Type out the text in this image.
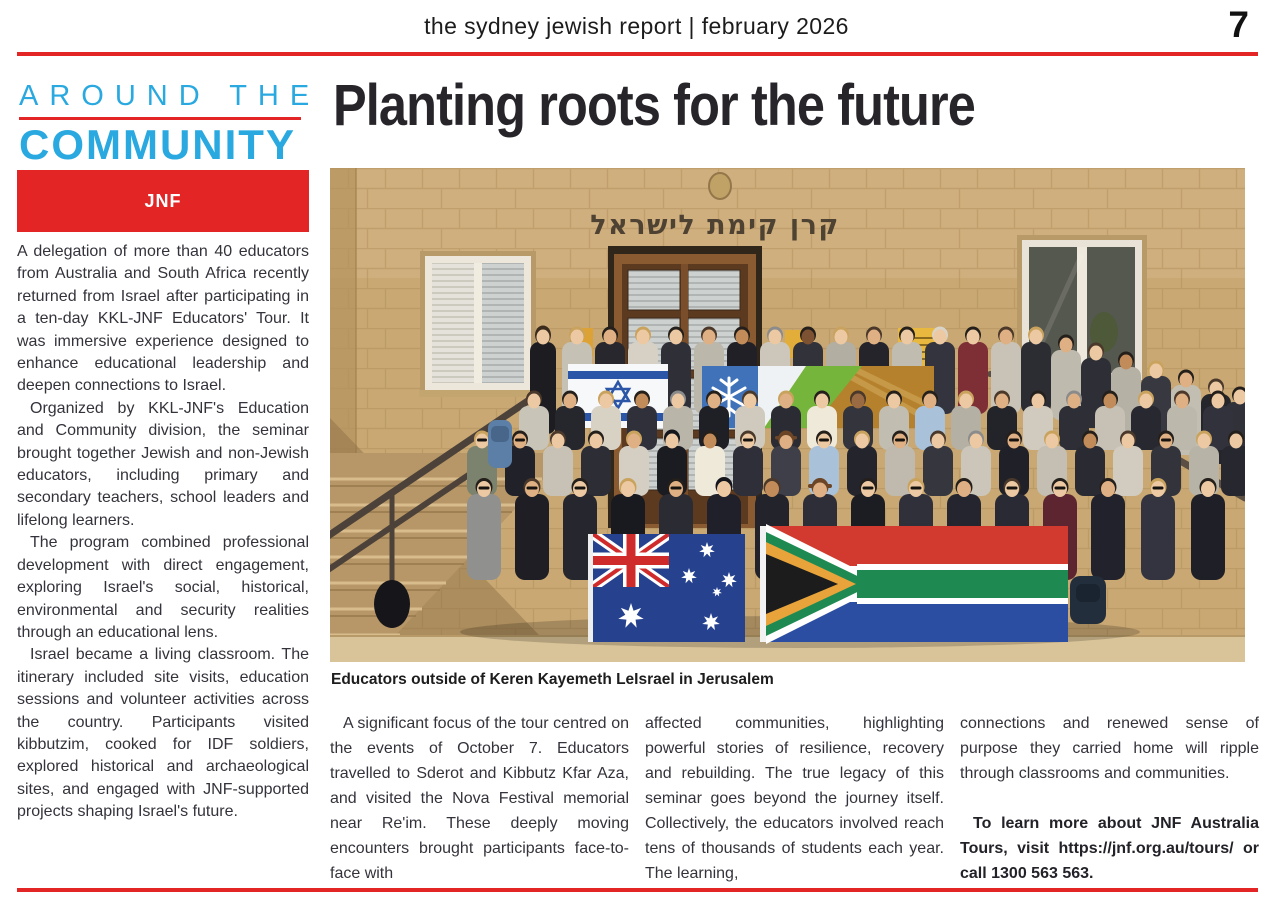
the sydney jewish report | february 2026	7
AROUND THE
COMMUNITY
JNF
Planting roots for the future

A delegation of more than 40 educators from Australia and South Africa recently returned from Israel after participating in a ten-day KKL-JNF Educators' Tour. It was immersive experience designed to enhance educational leadership and deepen connections to Israel.

Organized by KKL-JNF's Education and Community division, the seminar brought together Jewish and non-Jewish educators, including primary and secondary teachers, school leaders and lifelong learners.

The program combined professional development with direct engagement, exploring Israel's social, historical, environmental and security realities through an educational lens.

Israel became a living classroom. The itinerary included site visits, education sessions and volunteer activities across the country. Participants visited kibbutzim, cooked for IDF soldiers, explored historical and archaeological sites, and engaged with JNF-supported projects shaping Israel's future.

קרן קימת לישראל
Educators outside of Keren Kayemeth LeIsrael in Jerusalem

A significant focus of the tour centred on the events of October 7. Educators travelled to Sderot and Kibbutz Kfar Aza, and visited the Nova Festival memorial near Re'im. These deeply moving encounters brought participants face-to-face with

affected communities, highlighting powerful stories of resilience, recovery and rebuilding. The true legacy of this seminar goes beyond the journey itself. Collectively, the educators involved reach tens of thousands of students each year. The learning,

connections and renewed sense of purpose they carried home will ripple through classrooms and communities.

To learn more about JNF Australia Tours, visit https://jnf.org.au/tours/ or call 1300 563 563.
